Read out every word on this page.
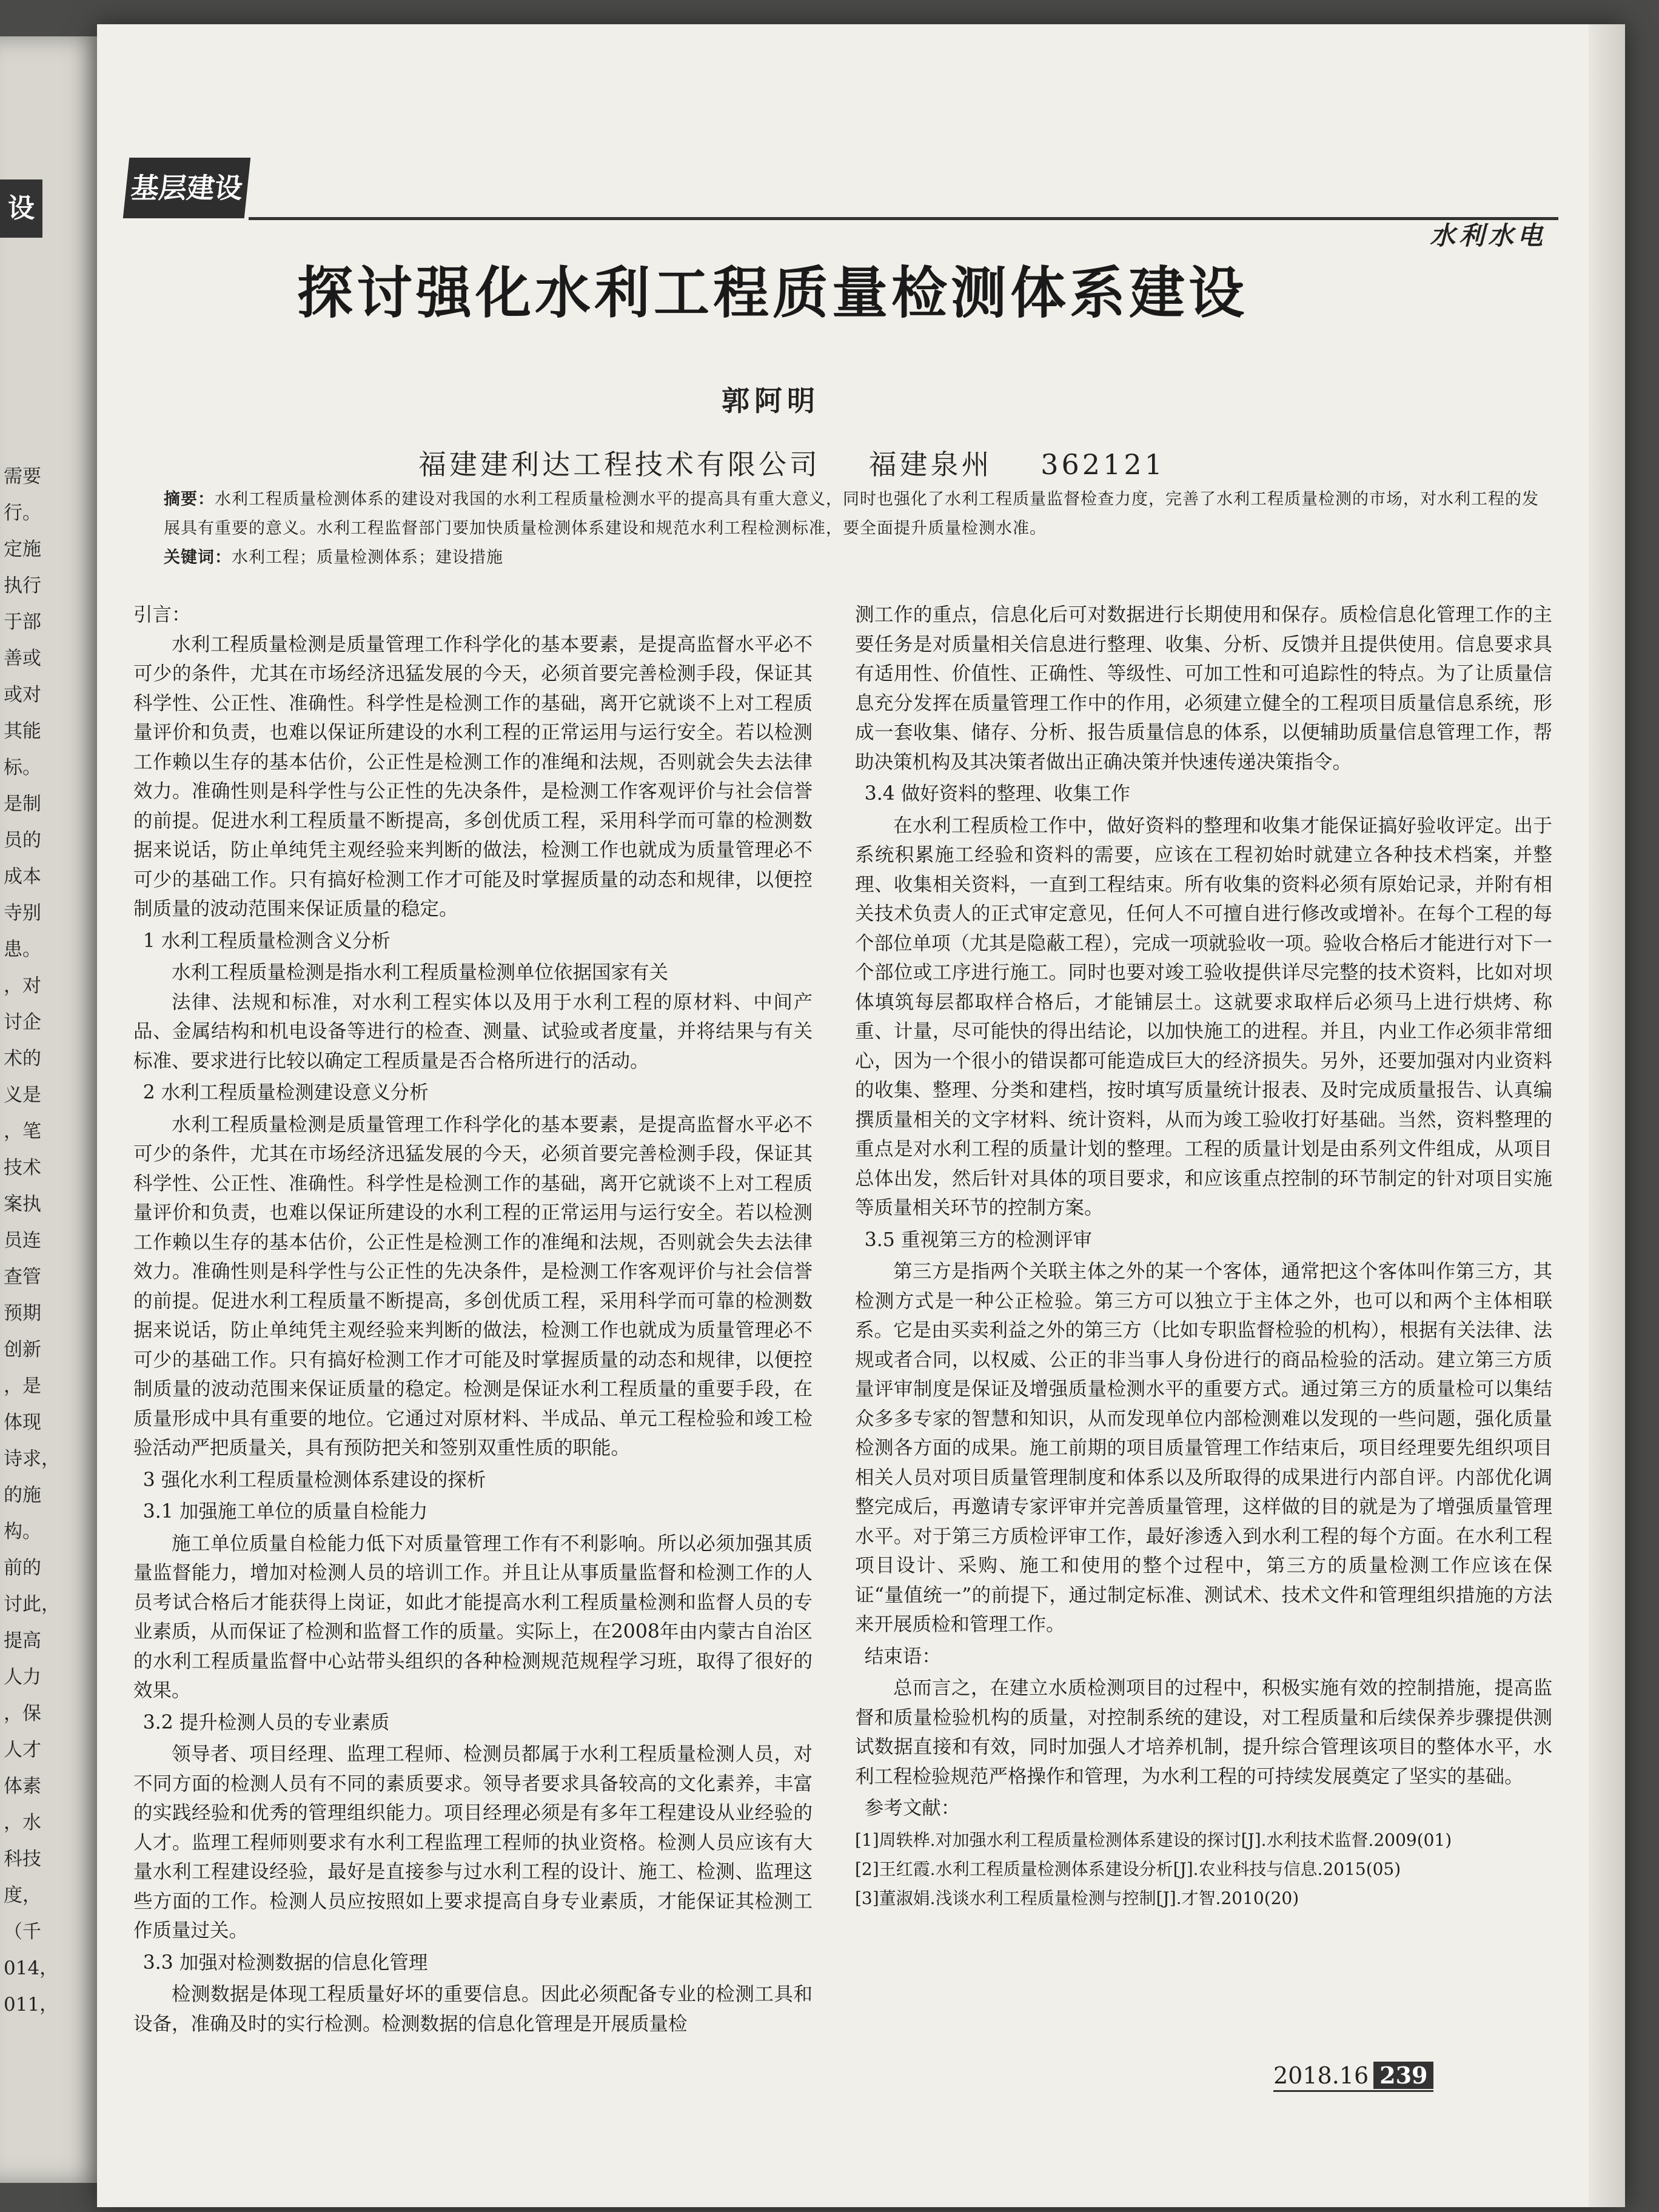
设
需要
行。
定施
执行
于部
善或
或对
其能
标。
是制
员的
成本
寺别
患。
，对
讨企
术的
义是
，笔
技术
案执
员连
查管
预期
创新
，是
体现
诗求，
的施
构。
前的
讨此，
提高
人力
，保
人才
体素
，水
科技
度，
（千
014，
011，
基层建设
水利水电
探讨强化水利工程质量检测体系建设
郭阿明
福建建利达工程技术有限公司 福建泉州 362121
摘要：水利工程质量检测体系的建设对我国的水利工程质量检测水平的提高具有重大意义，同时也强化了水利工程质量监督检查力度，完善了水利工程质量检测的市场，对水利工程的发展具有重要的意义。水利工程监督部门要加快质量检测体系建设和规范水利工程检测标准，要全面提升质量检测水准。
关键词：水利工程；质量检测体系；建设措施

引言：

水利工程质量检测是质量管理工作科学化的基本要素，是提高监督水平必不可少的条件，尤其在市场经济迅猛发展的今天，必须首要完善检测手段，保证其科学性、公正性、准确性。科学性是检测工作的基础，离开它就谈不上对工程质量评价和负责，也难以保证所建设的水利工程的正常运用与运行安全。若以检测工作赖以生存的基本估价，公正性是检测工作的准绳和法规，否则就会失去法律效力。准确性则是科学性与公正性的先决条件，是检测工作客观评价与社会信誉的前提。促进水利工程质量不断提高，多创优质工程，采用科学而可靠的检测数据来说话，防止单纯凭主观经验来判断的做法，检测工作也就成为质量管理必不可少的基础工作。只有搞好检测工作才可能及时掌握质量的动态和规律，以便控制质量的波动范围来保证质量的稳定。

1 水利工程质量检测含义分析

水利工程质量检测是指水利工程质量检测单位依据国家有关

法律、法规和标准，对水利工程实体以及用于水利工程的原材料、中间产品、金属结构和机电设备等进行的检查、测量、试验或者度量，并将结果与有关标准、要求进行比较以确定工程质量是否合格所进行的活动。

2 水利工程质量检测建设意义分析

水利工程质量检测是质量管理工作科学化的基本要素，是提高监督水平必不可少的条件，尤其在市场经济迅猛发展的今天，必须首要完善检测手段，保证其科学性、公正性、准确性。科学性是检测工作的基础，离开它就谈不上对工程质量评价和负责，也难以保证所建设的水利工程的正常运用与运行安全。若以检测工作赖以生存的基本估价，公正性是检测工作的准绳和法规，否则就会失去法律效力。准确性则是科学性与公正性的先决条件，是检测工作客观评价与社会信誉的前提。促进水利工程质量不断提高，多创优质工程，采用科学而可靠的检测数据来说话，防止单纯凭主观经验来判断的做法，检测工作也就成为质量管理必不可少的基础工作。只有搞好检测工作才可能及时掌握质量的动态和规律，以便控制质量的波动范围来保证质量的稳定。检测是保证水利工程质量的重要手段，在质量形成中具有重要的地位。它通过对原材料、半成品、单元工程检验和竣工检验活动严把质量关，具有预防把关和签别双重性质的职能。

3 强化水利工程质量检测体系建设的探析

3.1 加强施工单位的质量自检能力

施工单位质量自检能力低下对质量管理工作有不利影响。所以必须加强其质量监督能力，增加对检测人员的培训工作。并且让从事质量监督和检测工作的人员考试合格后才能获得上岗证，如此才能提高水利工程质量检测和监督人员的专业素质，从而保证了检测和监督工作的质量。实际上，在2008年由内蒙古自治区的水利工程质量监督中心站带头组织的各种检测规范规程学习班，取得了很好的效果。

3.2 提升检测人员的专业素质

领导者、项目经理、监理工程师、检测员都属于水利工程质量检测人员，对不同方面的检测人员有不同的素质要求。领导者要求具备较高的文化素养，丰富的实践经验和优秀的管理组织能力。项目经理必须是有多年工程建设从业经验的人才。监理工程师则要求有水利工程监理工程师的执业资格。检测人员应该有大量水利工程建设经验，最好是直接参与过水利工程的设计、施工、检测、监理这些方面的工作。检测人员应按照如上要求提高自身专业素质，才能保证其检测工作质量过关。

3.3 加强对检测数据的信息化管理

检测数据是体现工程质量好坏的重要信息。因此必须配备专业的检测工具和设备，准确及时的实行检测。检测数据的信息化管理是开展质量检

测工作的重点，信息化后可对数据进行长期使用和保存。质检信息化管理工作的主要任务是对质量相关信息进行整理、收集、分析、反馈并且提供使用。信息要求具有适用性、价值性、正确性、等级性、可加工性和可追踪性的特点。为了让质量信息充分发挥在质量管理工作中的作用，必须建立健全的工程项目质量信息系统，形成一套收集、储存、分析、报告质量信息的体系，以便辅助质量信息管理工作，帮助决策机构及其决策者做出正确决策并快速传递决策指令。

3.4 做好资料的整理、收集工作

在水利工程质检工作中，做好资料的整理和收集才能保证搞好验收评定。出于系统积累施工经验和资料的需要，应该在工程初始时就建立各种技术档案，并整理、收集相关资料，一直到工程结束。所有收集的资料必须有原始记录，并附有相关技术负责人的正式审定意见，任何人不可擅自进行修改或增补。在每个工程的每个部位单项（尤其是隐蔽工程），完成一项就验收一项。验收合格后才能进行对下一个部位或工序进行施工。同时也要对竣工验收提供详尽完整的技术资料，比如对坝体填筑每层都取样合格后，才能铺层土。这就要求取样后必须马上进行烘烤、称重、计量，尽可能快的得出结论，以加快施工的进程。并且，内业工作必须非常细心，因为一个很小的错误都可能造成巨大的经济损失。另外，还要加强对内业资料的收集、整理、分类和建档，按时填写质量统计报表、及时完成质量报告、认真编撰质量相关的文字材料、统计资料，从而为竣工验收打好基础。当然，资料整理的重点是对水利工程的质量计划的整理。工程的质量计划是由系列文件组成，从项目总体出发，然后针对具体的项目要求，和应该重点控制的环节制定的针对项目实施等质量相关环节的控制方案。

3.5 重视第三方的检测评审

第三方是指两个关联主体之外的某一个客体，通常把这个客体叫作第三方，其检测方式是一种公正检验。第三方可以独立于主体之外，也可以和两个主体相联系。它是由买卖利益之外的第三方（比如专职监督检验的机构），根据有关法律、法规或者合同，以权威、公正的非当事人身份进行的商品检验的活动。建立第三方质量评审制度是保证及增强质量检测水平的重要方式。通过第三方的质量检可以集结众多多专家的智慧和知识，从而发现单位内部检测难以发现的一些问题，强化质量检测各方面的成果。施工前期的项目质量管理工作结束后，项目经理要先组织项目相关人员对项目质量管理制度和体系以及所取得的成果进行内部自评。内部优化调整完成后，再邀请专家评审并完善质量管理，这样做的目的就是为了增强质量管理水平。对于第三方质检评审工作，最好渗透入到水利工程的每个方面。在水利工程项目设计、采购、施工和使用的整个过程中，第三方的质量检测工作应该在保证“量值统一”的前提下，通过制定标准、测试术、技术文件和管理组织措施的方法来开展质检和管理工作。

结束语：

总而言之，在建立水质检测项目的过程中，积极实施有效的控制措施，提高监督和质量检验机构的质量，对控制系统的建设，对工程质量和后续保养步骤提供测试数据直接和有效，同时加强人才培养机制，提升综合管理该项目的整体水平，水利工程检验规范严格操作和管理，为水利工程的可持续发展奠定了坚实的基础。

参考文献：

[1]周轶桦.对加强水利工程质量检测体系建设的探讨[J].水利技术监督.2009(01)

[2]王红霞.水利工程质量检测体系建设分析[J].农业科技与信息.2015(05)

[3]董淑娟.浅谈水利工程质量检测与控制[J].才智.2010(20)

2018.16 239
